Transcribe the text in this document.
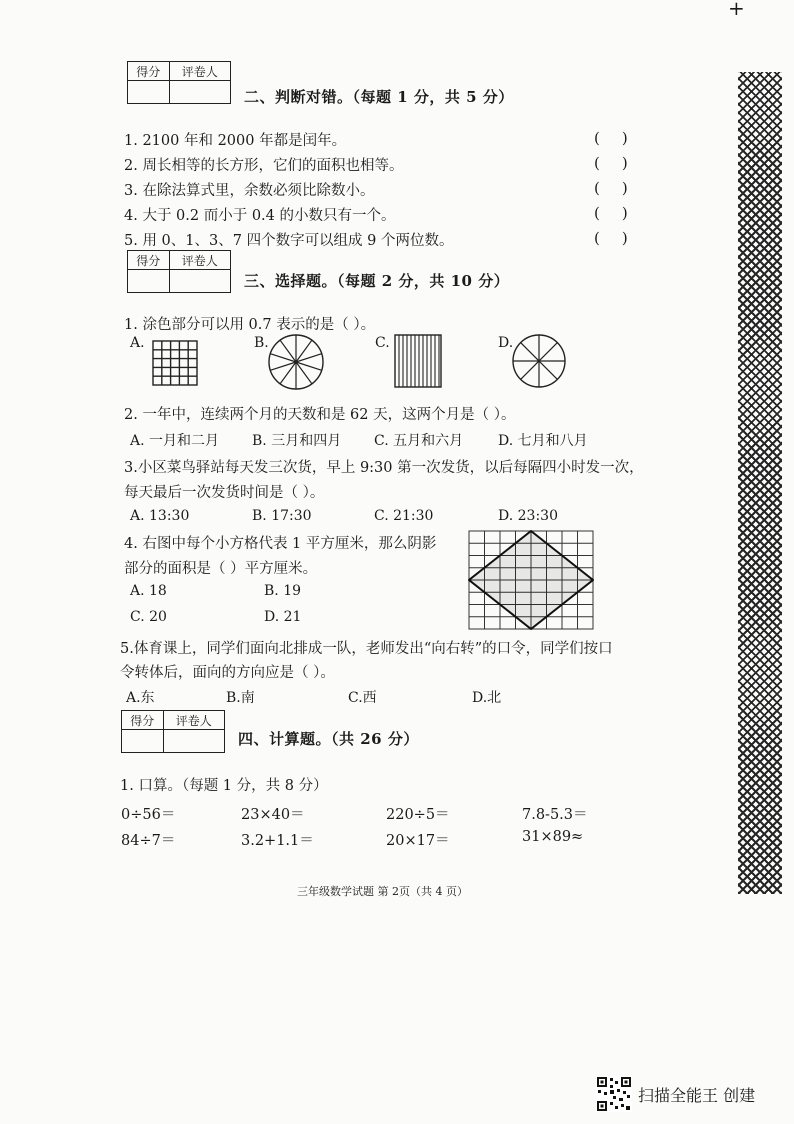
+
得分	评卷人

二、判断对错。（每题 1 分，共 5 分）
1. 2100 年和 2000 年都是闰年。
2. 周长相等的长方形，它们的面积也相等。
3. 在除法算式里，余数必须比除数小。
4. 大于 0.2 而小于 0.4 的小数只有一个。
5. 用 0、1、3、7 四个数字可以组成 9 个两位数。
()
()
()
()
()
得分	评卷人

三、选择题。（每题 2 分，共 10 分）
1. 涂色部分可以用 0.7 表示的是（ ）。
A.	B.	C.	D.
2. 一年中，连续两个月的天数和是 62 天，这两个月是（ ）。
A. 一月和二月 B. 三月和四月 C. 五月和六月 D. 七月和八月
3.小区菜鸟驿站每天发三次货，早上 9:30 第一次发货，以后每隔四小时发一次，
每天最后一次发货时间是（ ）。
A. 13:30	B. 17:30	C. 21:30	D. 23:30
4. 右图中每个小方格代表 1 平方厘米，那么阴影
部分的面积是（ ）平方厘米。
A. 18	B. 19
C. 20	D. 21
5.体育课上，同学们面向北排成一队，老师发出“向右转”的口令，同学们按口
令转体后，面向的方向应是（ ）。
A.东	B.南	C.西	D.北
得分	评卷人

四、计算题。（共 26 分）
1. 口算。（每题 1 分，共 8 分）
0÷56＝	23×40＝	220÷5＝	7.8-5.3＝
84÷7＝	3.2+1.1＝	20×17＝	31×89≈
三年级数学试题 第 2页（共 4 页）
扫描全能王 创建
